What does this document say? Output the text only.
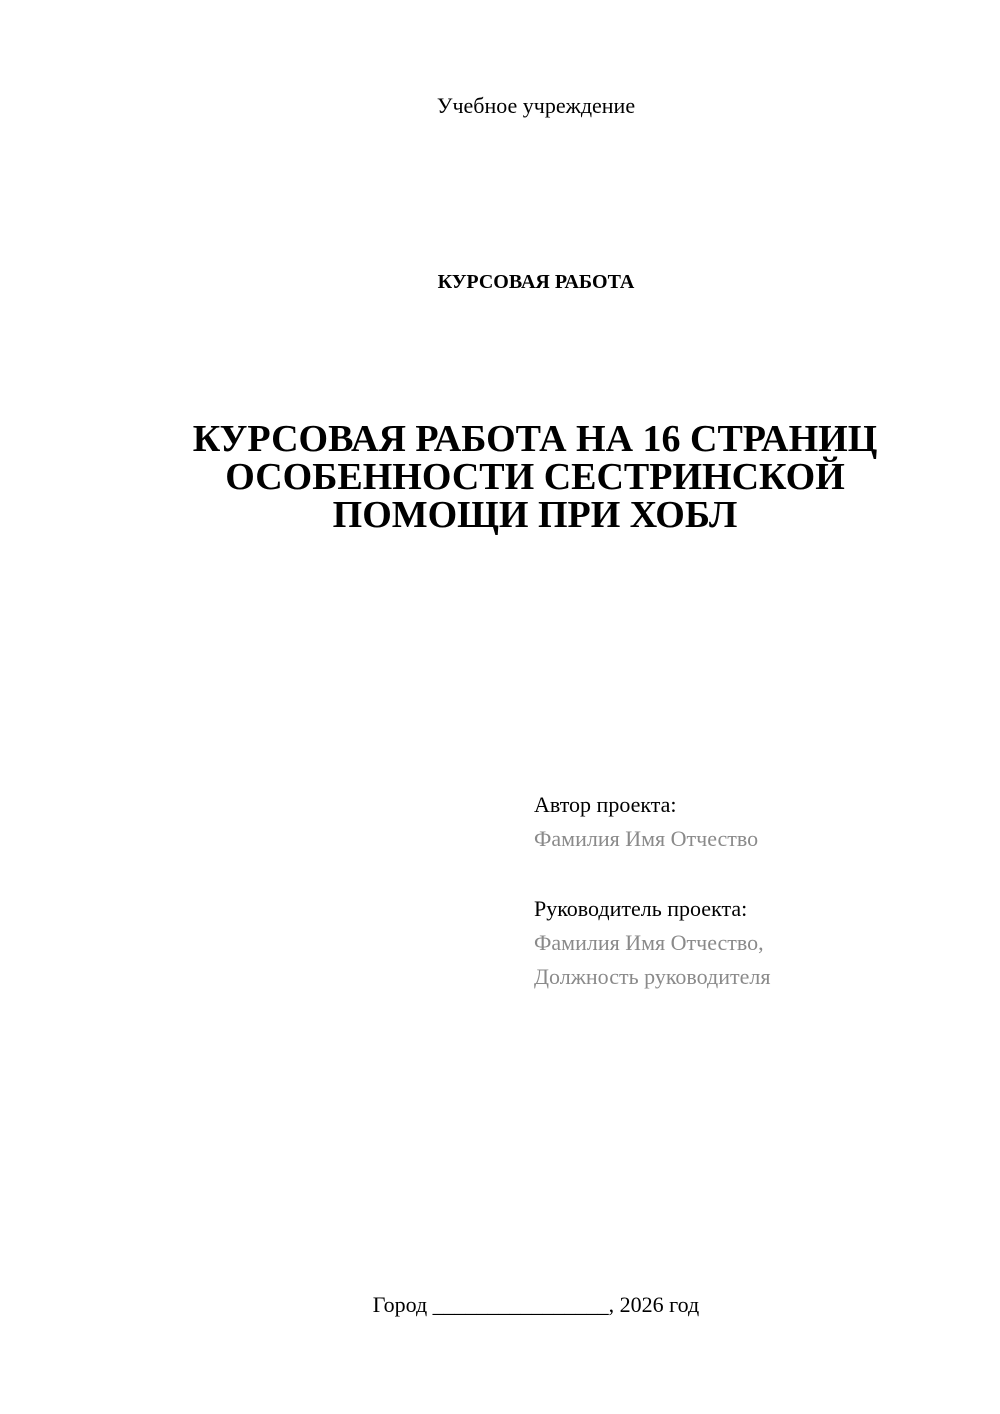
Учебное учреждение

КУРСОВАЯ РАБОТА

КУРСОВАЯ РАБОТА НА 16 СТРАНИЦ
ОСОБЕННОСТИ СЕСТРИНСКОЙ
ПОМОЩИ ПРИ ХОБЛ

Автор проекта:

Фамилия Имя Отчество

Руководитель проекта:

Фамилия Имя Отчество,

Должность руководителя

Город ________________, 2026 год
